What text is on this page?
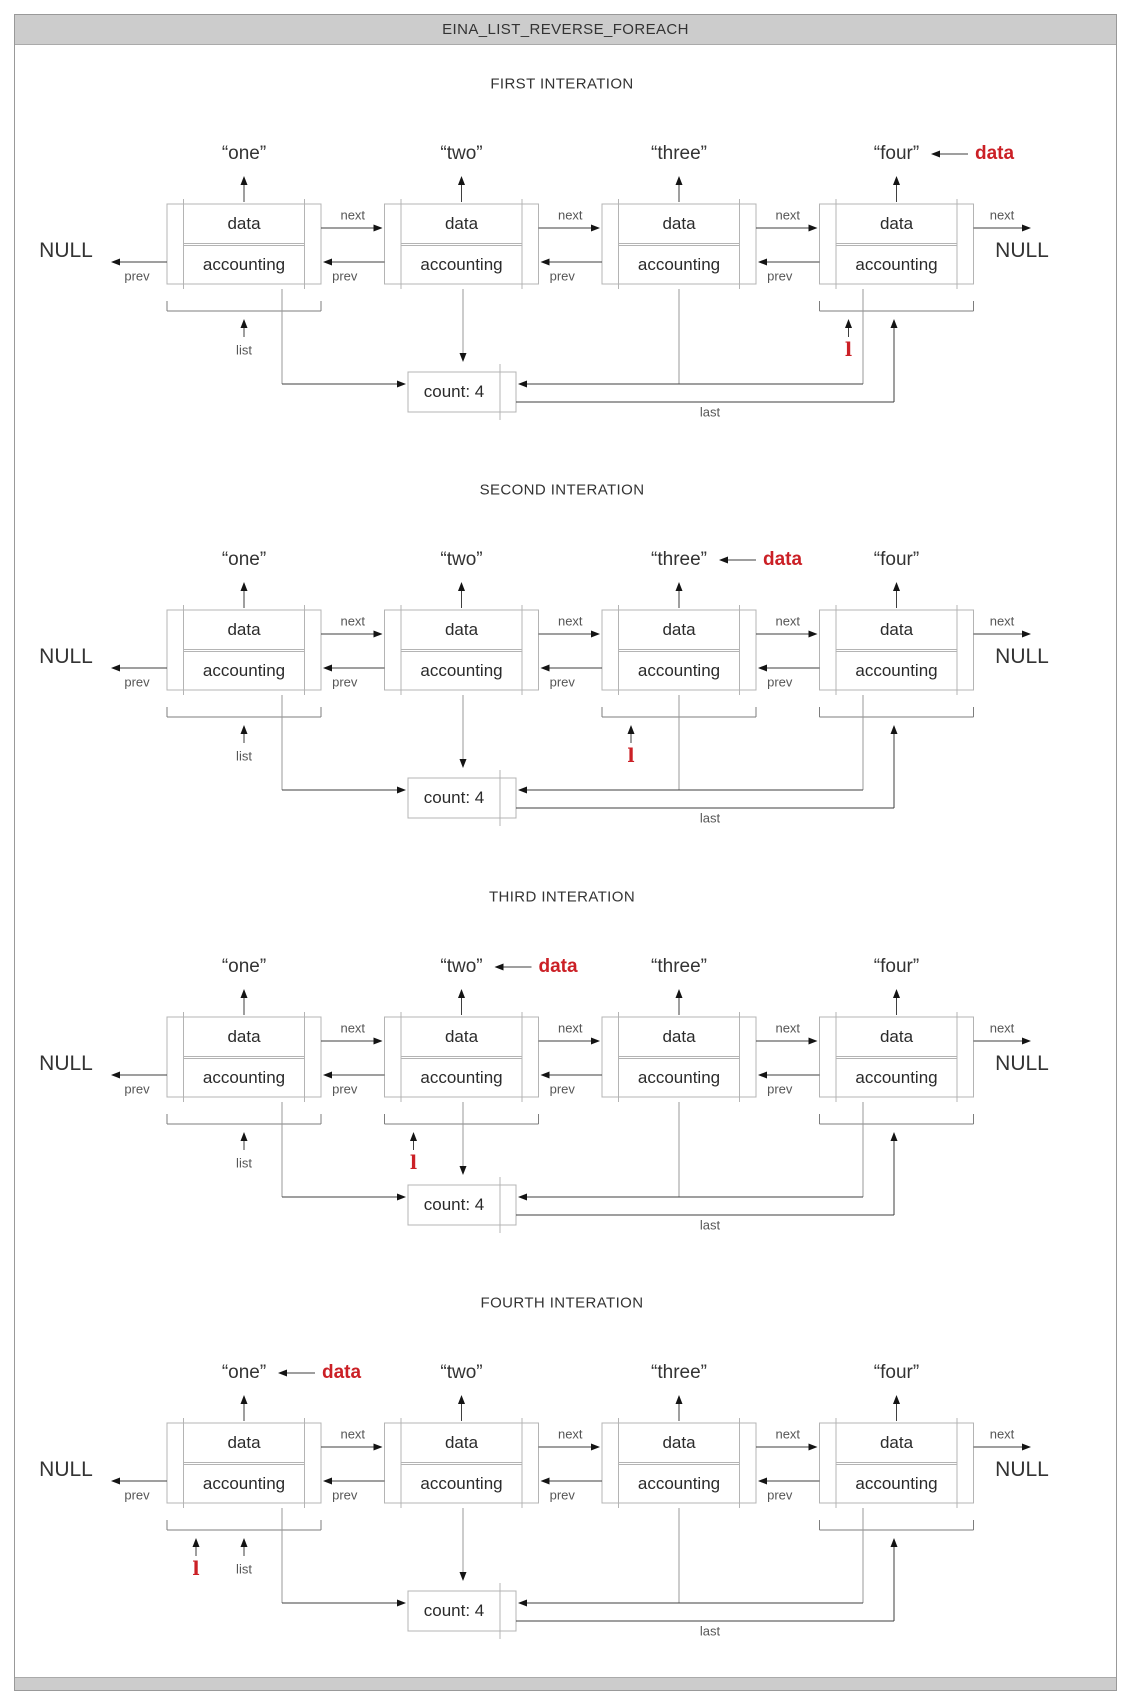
EINA_LIST_REVERSE_FOREACH
FIRST INTERATION
“one”
data
accounting
“two”
data
accounting
“three”
data
accounting
“four”
data
accounting
next	next	next	next
NULL
prev	prev	prev
prev
NULL
list	l
count: 4
last
data
SECOND INTERATION
“one”
data
accounting
“two”
data
accounting
“three”
data
accounting
“four”
data
accounting
next	next	next	next
NULL
prev	prev	prev
prev
NULL
list	l
count: 4
last
data
THIRD INTERATION
“one”
data
accounting
“two”
data
accounting
“three”
data
accounting
“four”
data
accounting
next	next	next	next
NULL
prev	prev	prev
prev
NULL
list	l
count: 4
last
data
FOURTH INTERATION
“one”
data
accounting
“two”
data
accounting
“three”
data
accounting
“four”
data
accounting
next	next	next	next
NULL
prev	prev	prev
prev
NULL
list
l
count: 4
last
data
